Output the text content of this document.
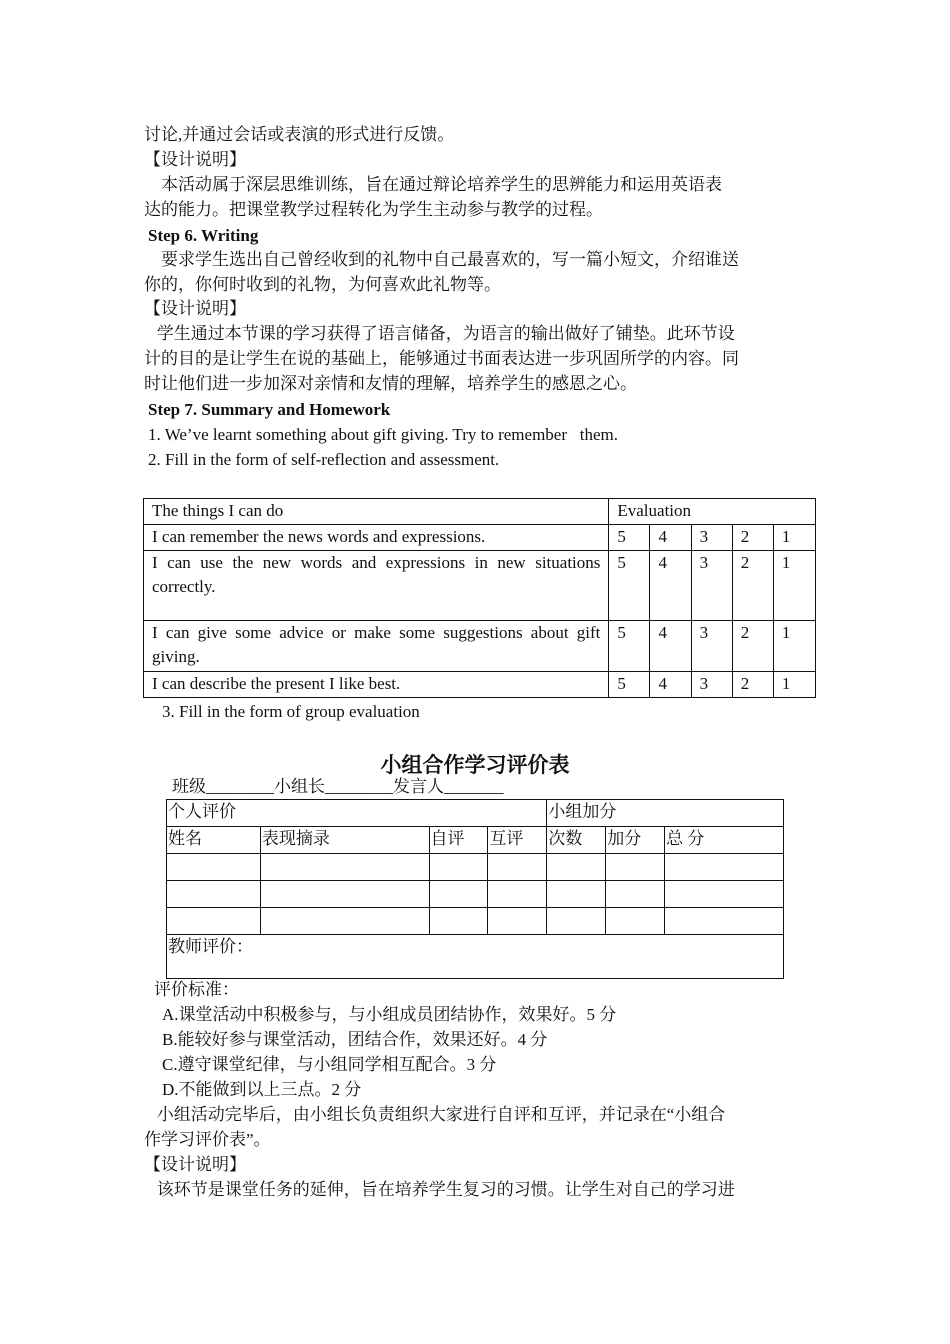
讨论,并通过会话或表演的形式进行反馈。
【设计说明】
本活动属于深层思维训练，旨在通过辩论培养学生的思辨能力和运用英语表
达的能力。把课堂教学过程转化为学生主动参与教学的过程。
Step 6. Writing
要求学生选出自己曾经收到的礼物中自己最喜欢的，写一篇小短文，介绍谁送
你的，你何时收到的礼物，为何喜欢此礼物等。
【设计说明】
学生通过本节课的学习获得了语言储备，为语言的输出做好了铺垫。此环节设
计的目的是让学生在说的基础上，能够通过书面表达进一步巩固所学的内容。同
时让他们进一步加深对亲情和友情的理解，培养学生的感恩之心。
Step 7. Summary and Homework
1. We’ve learnt something about gift giving. Try to remember   them.
2. Fill in the form of self-reflection and assessment.
The things I can do	Evaluation				
I can remember the news words and expressions.	5	4	3	2	1
I can use the new words and expressions in new situations correctly.	5	4	3	2	1
I can give some advice or make some suggestions about gift giving.	5	4	3	2	1
I can describe the present I like best.	5	4	3	2	1
3. Fill in the form of group evaluation
小组合作学习评价表
班级________小组长________发言人_______
个人评价				小组加分		
姓名	表现摘录	自评	互评	次数	加分	总 分

教师评价：						
评价标准：
A.课堂活动中积极参与，与小组成员团结协作，效果好。5 分
B.能较好参与课堂活动，团结合作，效果还好。4 分
C.遵守课堂纪律，与小组同学相互配合。3 分
D.不能做到以上三点。2 分
小组活动完毕后，由小组长负责组织大家进行自评和互评，并记录在“小组合
作学习评价表”。
【设计说明】
该环节是课堂任务的延伸，旨在培养学生复习的习惯。让学生对自己的学习进
